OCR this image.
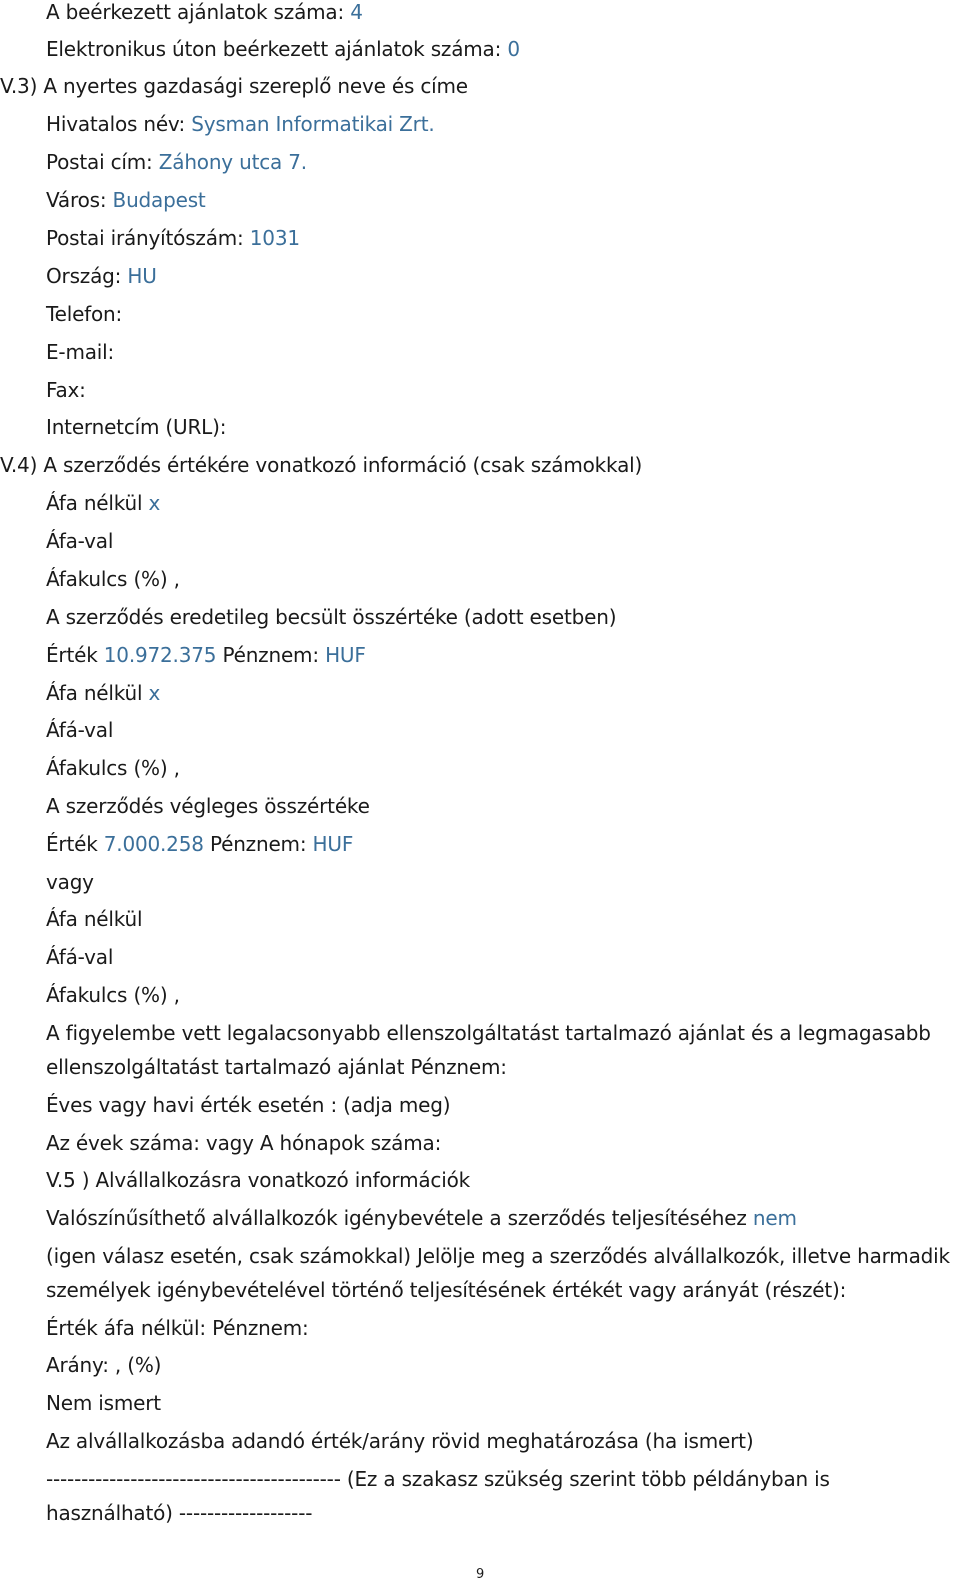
A beérkezett ajánlatok száma: 4
Elektronikus úton beérkezett ajánlatok száma: 0
V.3) A nyertes gazdasági szereplő neve és címe
Hivatalos név: Sysman Informatikai Zrt.
Postai cím: Záhony utca 7.
Város: Budapest
Postai irányítószám: 1031
Ország: HU
Telefon:
E-mail:
Fax:
Internetcím (URL):
V.4) A szerződés értékére vonatkozó információ (csak számokkal)
Áfa nélkül x
Áfa-val
Áfakulcs (%) ,
A szerződés eredetileg becsült összértéke (adott esetben)
Érték 10.972.375 Pénznem: HUF
Áfa nélkül x
Áfá-val
Áfakulcs (%) ,
A szerződés végleges összértéke
Érték 7.000.258 Pénznem: HUF
vagy
Áfa nélkül
Áfá-val
Áfakulcs (%) ,
A figyelembe vett legalacsonyabb ellenszolgáltatást tartalmazó ajánlat és a legmagasabb
ellenszolgáltatást tartalmazó ajánlat Pénznem:
Éves vagy havi érték esetén : (adja meg)
Az évek száma: vagy A hónapok száma:
V.5 ) Alvállalkozásra vonatkozó információk
Valószínűsíthető alvállalkozók igénybevétele a szerződés teljesítéséhez nem
(igen válasz esetén, csak számokkal) Jelölje meg a szerződés alvállalkozók, illetve harmadik
személyek igénybevételével történő teljesítésének értékét vagy arányát (részét):
Érték áfa nélkül: Pénznem:
Arány: , (%)
Nem ismert
Az alvállalkozásba adandó érték/arány rövid meghatározása (ha ismert)
------------------------------------------ (Ez a szakasz szükség szerint több példányban is
használható) -------------------
9
